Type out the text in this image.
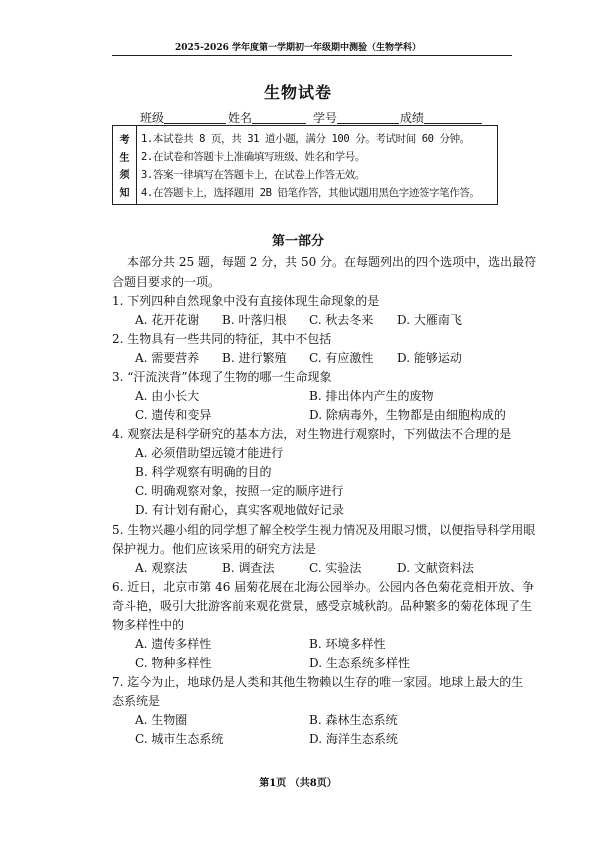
2025-2026 学年度第一学期初一年级期中测验（生物学科）
生物试卷
班级	姓名	学号	成绩
考
生
须
知
1.本试卷共 8 页，共 31 道小题，满分 100 分。考试时间 60 分钟。
2.在试卷和答题卡上准确填写班级、姓名和学号。
3.答案一律填写在答题卡上，在试卷上作答无效。
4.在答题卡上，选择题用 2B 铅笔作答，其他试题用黑色字迹签字笔作答。
第一部分
本部分共 25 题，每题 2 分，共 50 分。在每题列出的四个选项中，选出最符
合题目要求的一项。
1. 下列四种自然现象中没有直接体现生命现象的是
A. 花开花谢 B. 叶落归根 C. 秋去冬来 D. 大雁南飞
2. 生物具有一些共同的特征，其中不包括
A. 需要营养 B. 进行繁殖 C. 有应激性 D. 能够运动
3. “汗流浃背”体现了生物的哪一生命现象
A. 由小长大	B. 排出体内产生的废物
C. 遗传和变异	D. 除病毒外，生物都是由细胞构成的
4. 观察法是科学研究的基本方法，对生物进行观察时，下列做法不合理的是
A. 必须借助望远镜才能进行
B. 科学观察有明确的目的
C. 明确观察对象，按照一定的顺序进行
D. 有计划有耐心，真实客观地做好记录
5. 生物兴趣小组的同学想了解全校学生视力情况及用眼习惯，以便指导科学用眼
保护视力。他们应该采用的研究方法是
A. 观察法	B. 调查法	C. 实验法	D. 文献资料法
6. 近日，北京市第 46 届菊花展在北海公园举办。公园内各色菊花竞相开放、争
奇斗艳，吸引大批游客前来观花赏景，感受京城秋韵。品种繁多的菊花体现了生
物多样性中的
A. 遗传多样性	B. 环境多样性
C. 物种多样性	D. 生态系统多样性
7. 迄今为止，地球仍是人类和其他生物赖以生存的唯一家园。地球上最大的生
态系统是
A. 生物圈	B. 森林生态系统
C. 城市生态系统	D. 海洋生态系统
第1页 （共8页）
